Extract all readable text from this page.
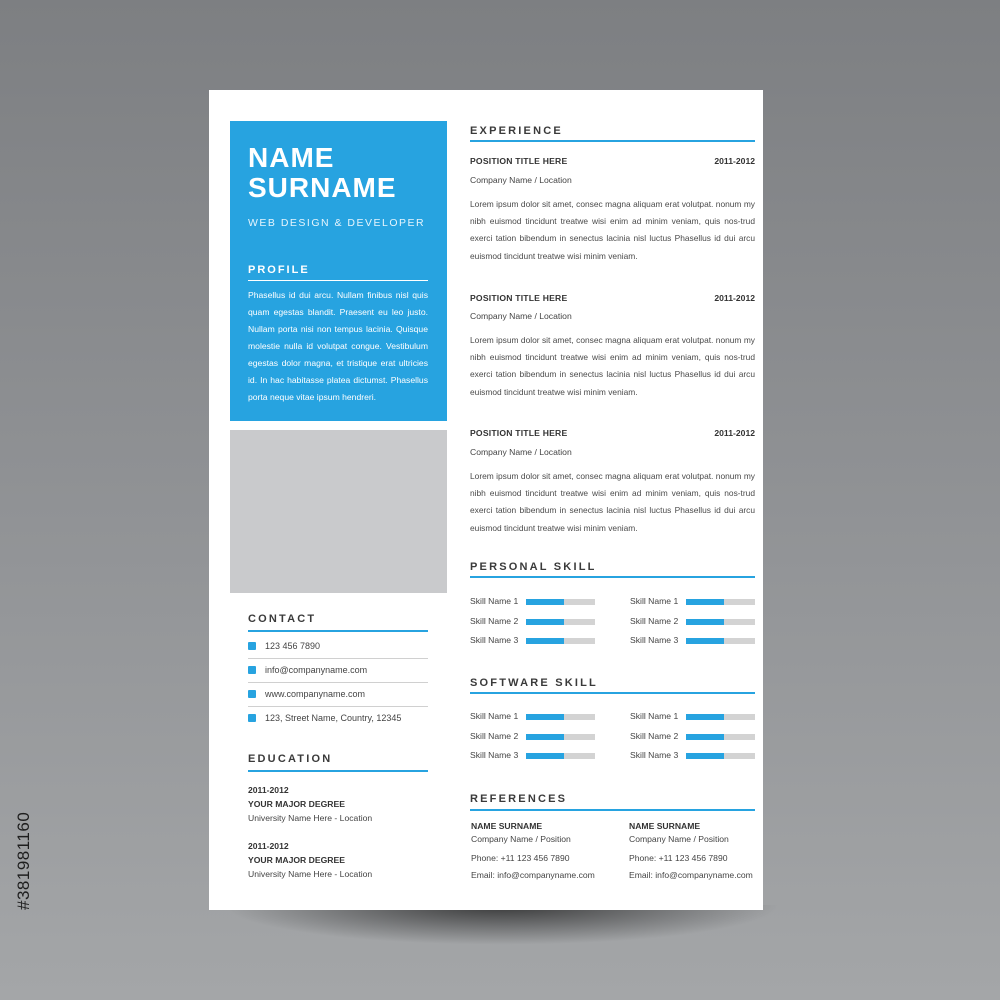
#381981160
NAME
SURNAME
WEB DESIGN & DEVELOPER
PROFILE
Phasellus id dui arcu. Nullam finibus nisl quis quam egestas blandit. Praesent eu leo justo. Nullam porta nisi non tempus lacinia. Quisque molestie nulla id volutpat congue. Vestibulum egestas dolor magna, et tristique erat ultricies id. In hac habitasse platea dictumst. Phasellus porta neque vitae ipsum hendreri.
CONTACT
123 456 7890
info@companyname.com
www.companyname.com
123, Street Name, Country, 12345
EDUCATION
2011-2012
YOUR MAJOR DEGREE
University Name Here - Location
2011-2012
YOUR MAJOR DEGREE
University Name Here - Location
EXPERIENCE
POSITION TITLE HERE	2011-2012
Company Name / Location
Lorem ipsum dolor sit amet, consec magna aliquam erat volutpat. nonum my nibh euismod tincidunt treatwe wisi enim ad minim veniam, quis nos-trud exerci tation bibendum in senectus lacinia nisl luctus Phasellus id dui arcu euismod tincidunt treatwe wisi minim veniam.
POSITION TITLE HERE	2011-2012
Company Name / Location
Lorem ipsum dolor sit amet, consec magna aliquam erat volutpat. nonum my nibh euismod tincidunt treatwe wisi enim ad minim veniam, quis nos-trud exerci tation bibendum in senectus lacinia nisl luctus Phasellus id dui arcu euismod tincidunt treatwe wisi minim veniam.
POSITION TITLE HERE	2011-2012
Company Name / Location
Lorem ipsum dolor sit amet, consec magna aliquam erat volutpat. nonum my nibh euismod tincidunt treatwe wisi enim ad minim veniam, quis nos-trud exerci tation bibendum in senectus lacinia nisl luctus Phasellus id dui arcu euismod tincidunt treatwe wisi minim veniam.
PERSONAL SKILL
Skill Name 1
Skill Name 2
Skill Name 3
Skill Name 1
Skill Name 2
Skill Name 3
SOFTWARE SKILL
Skill Name 1
Skill Name 2
Skill Name 3
Skill Name 1
Skill Name 2
Skill Name 3
REFERENCES
NAME SURNAME
Company Name / Position
Phone: +11 123 456 7890
Email: info@companyname.com
NAME SURNAME
Company Name / Position
Phone: +11 123 456 7890
Email: info@companyname.com
